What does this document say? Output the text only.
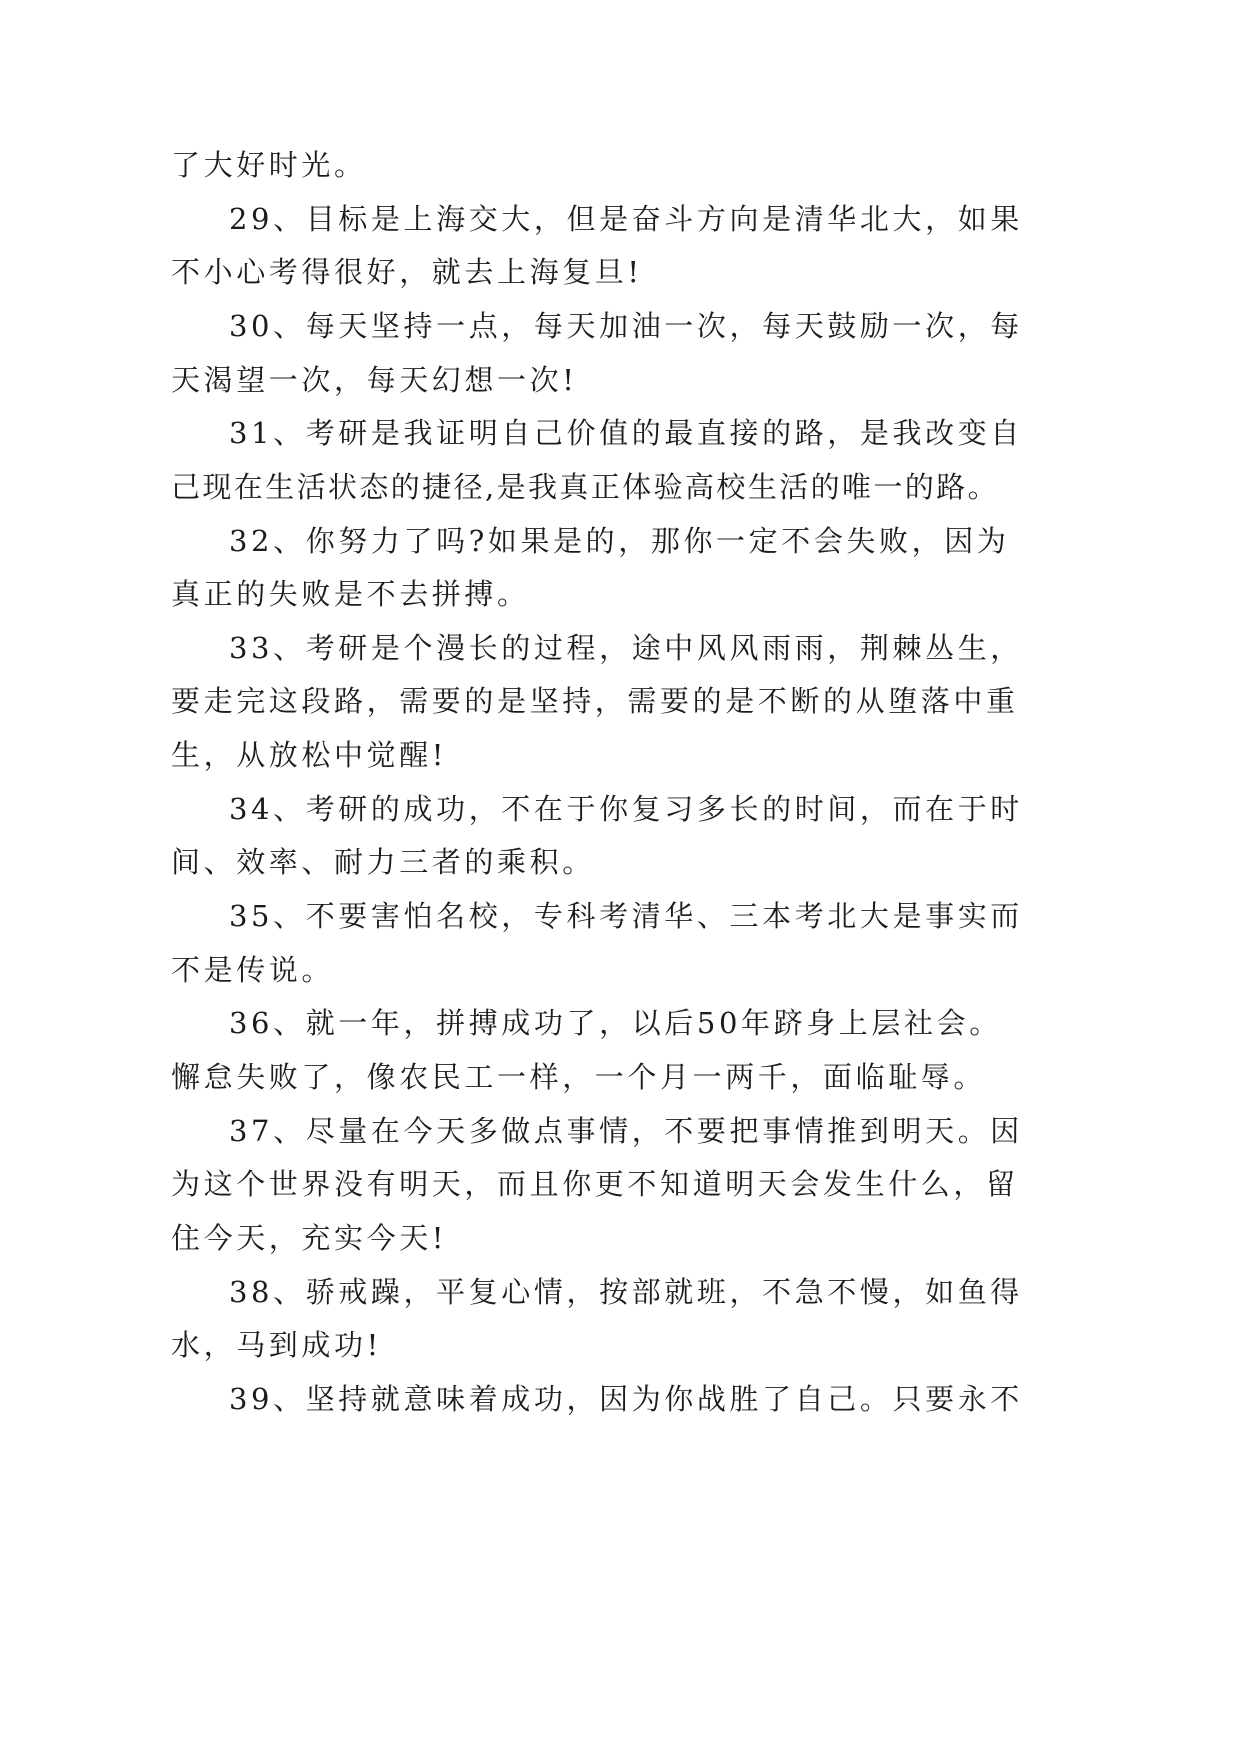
了大好时光。
29、目标是上海交大，但是奋斗方向是清华北大，如果
不小心考得很好，就去上海复旦!
30、每天坚持一点，每天加油一次，每天鼓励一次，每
天渴望一次，每天幻想一次!
31、考研是我证明自己价值的最直接的路，是我改变自
己现在生活状态的捷径,是我真正体验高校生活的唯一的路。
32、你努力了吗?如果是的，那你一定不会失败，因为
真正的失败是不去拼搏。
33、考研是个漫长的过程，途中风风雨雨，荆棘丛生，
要走完这段路，需要的是坚持，需要的是不断的从堕落中重
生，从放松中觉醒!
34、考研的成功，不在于你复习多长的时间，而在于时
间、效率、耐力三者的乘积。
35、不要害怕名校，专科考清华、三本考北大是事实而
不是传说。
36、就一年，拼搏成功了，以后50年跻身上层社会。
懈怠失败了，像农民工一样，一个月一两千，面临耻辱。
37、尽量在今天多做点事情，不要把事情推到明天。因
为这个世界没有明天，而且你更不知道明天会发生什么，留
住今天，充实今天!
38、骄戒躁，平复心情，按部就班，不急不慢，如鱼得
水，马到成功!
39、坚持就意味着成功，因为你战胜了自己。只要永不
